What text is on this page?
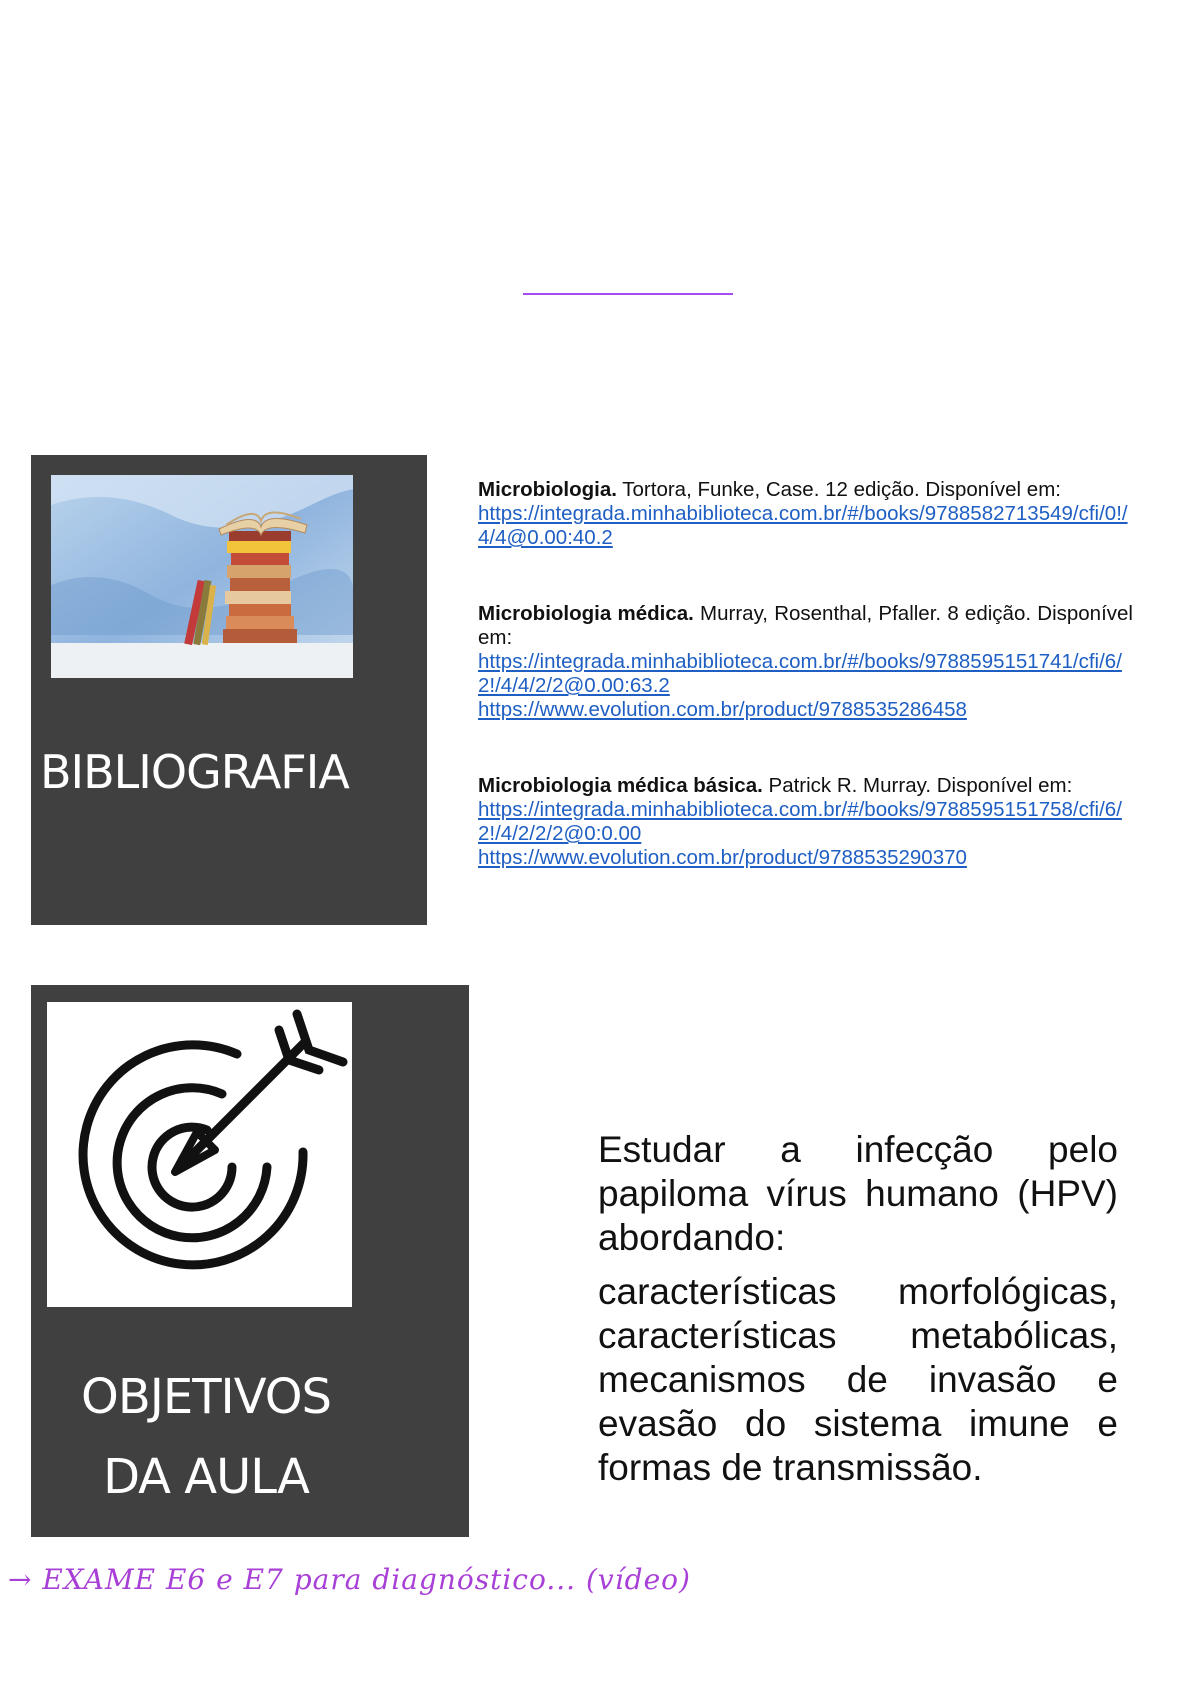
BIBLIOGRAFIA
Microbiologia. Tortora, Funke, Case. 12 edição. Disponível em:
https://integrada.minhabiblioteca.com.br/#/books/9788582713549/cfi/0!/4/4@0.00:40.2
Microbiologia médica. Murray, Rosenthal, Pfaller. 8 edição. Disponível em:
https://integrada.minhabiblioteca.com.br/#/books/9788595151741/cfi/6/2!/4/4/2/2@0.00:63.2
https://www.evolution.com.br/product/9788535286458
Microbiologia médica básica. Patrick R. Murray. Disponível em:
https://integrada.minhabiblioteca.com.br/#/books/9788595151758/cfi/6/2!/4/2/2/2@0:0.00
https://www.evolution.com.br/product/9788535290370
OBJETIVOS
DA AULA

Estudar a infecção pelo papiloma vírus humano (HPV) abordando:

características morfológicas, características metabólicas, mecanismos de invasão e evasão do sistema imune e formas de transmissão.

→ EXAME E6 e E7 para diagnóstico... (vídeo)
